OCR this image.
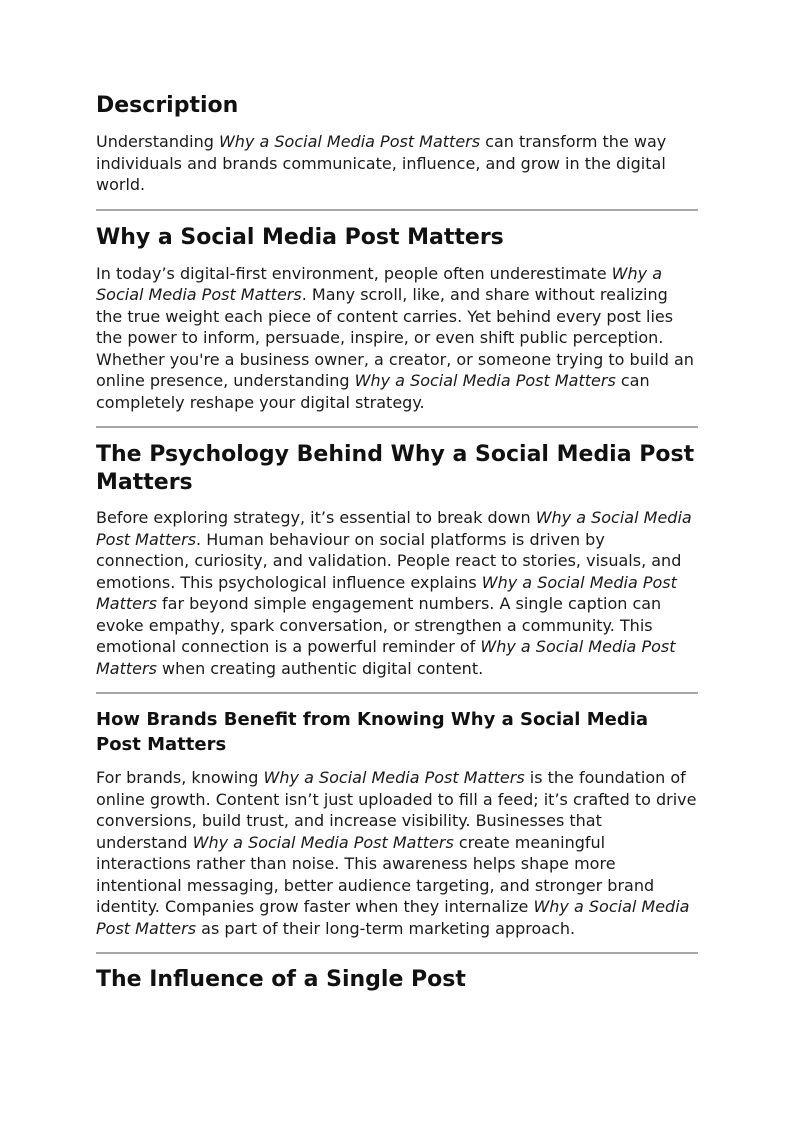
Description

Understanding Why a Social Media Post Matters can transform the way individuals and brands communicate, influence, and grow in the digital world.

Why a Social Media Post Matters

In today’s digital-first environment, people often underestimate Why a Social Media Post Matters. Many scroll, like, and share without realizing the true weight each piece of content carries. Yet behind every post lies the power to inform, persuade, inspire, or even shift public perception. Whether you're a business owner, a creator, or someone trying to build an online presence, understanding Why a Social Media Post Matters can completely reshape your digital strategy.

The Psychology Behind Why a Social Media Post Matters

Before exploring strategy, it’s essential to break down Why a Social Media Post Matters. Human behaviour on social platforms is driven by connection, curiosity, and validation. People react to stories, visuals, and emotions. This psychological influence explains Why a Social Media Post Matters far beyond simple engagement numbers. A single caption can evoke empathy, spark conversation, or strengthen a community. This emotional connection is a powerful reminder of Why a Social Media Post Matters when creating authentic digital content.

How Brands Benefit from Knowing Why a Social Media Post Matters

For brands, knowing Why a Social Media Post Matters is the foundation of online growth. Content isn’t just uploaded to fill a feed; it’s crafted to drive conversions, build trust, and increase visibility. Businesses that understand Why a Social Media Post Matters create meaningful interactions rather than noise. This awareness helps shape more intentional messaging, better audience targeting, and stronger brand identity. Companies grow faster when they internalize Why a Social Media Post Matters as part of their long-term marketing approach.

The Influence of a Single Post
